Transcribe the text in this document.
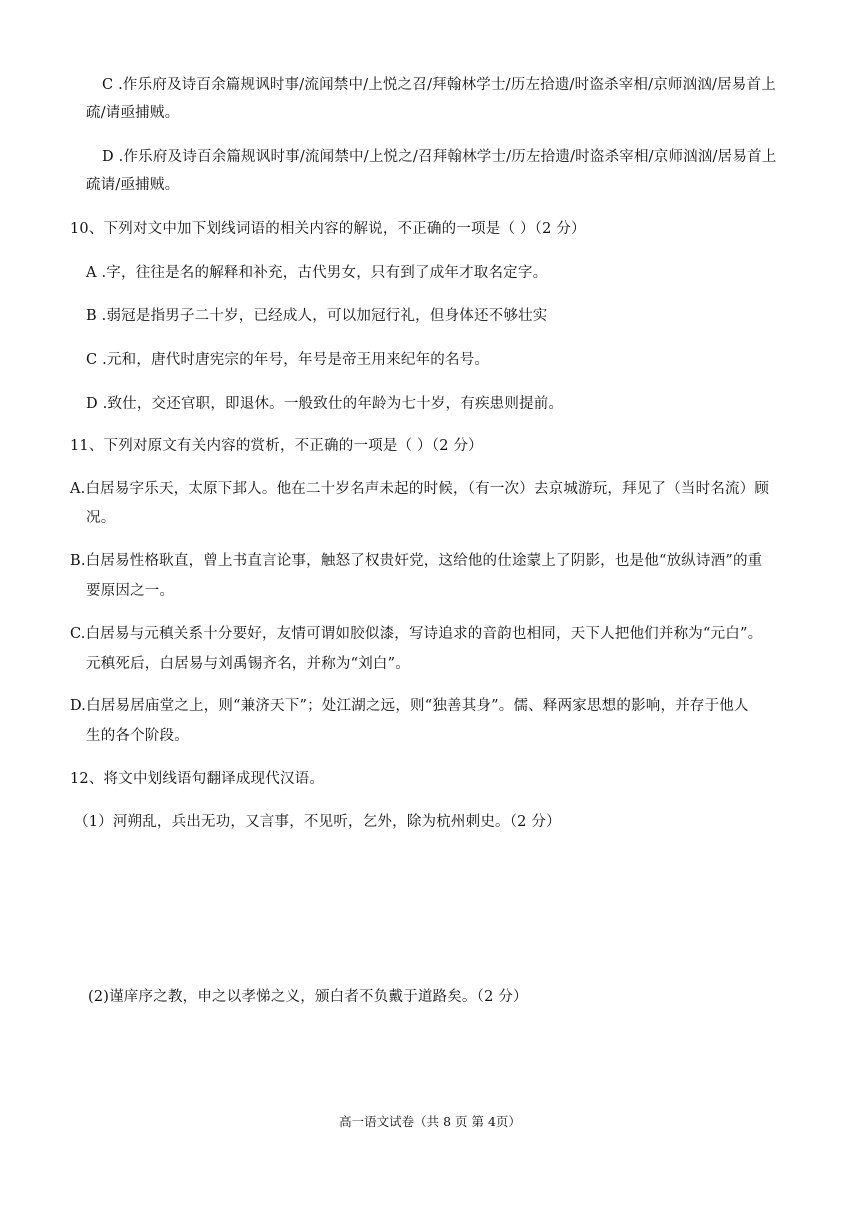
C .作乐府及诗百余篇规讽时事/流闻禁中/上悦之召/拜翰林学士/历左拾遗/时盗杀宰相/京师汹汹/居易首上
疏/请亟捕贼。
D .作乐府及诗百余篇规讽时事/流闻禁中/上悦之/召拜翰林学士/历左拾遗/时盗杀宰相/京师汹汹/居易首上
疏请/亟捕贼。
10、下列对文中加下划线词语的相关内容的解说，不正确的一项是（ ）（2 分）
A .字，往往是名的解释和补充，古代男女，只有到了成年才取名定字。
B .弱冠是指男子二十岁，已经成人，可以加冠行礼，但身体还不够壮实
C .元和，唐代时唐宪宗的年号，年号是帝王用来纪年的名号。
D .致仕，交还官职，即退休。一般致仕的年龄为七十岁，有疾患则提前。
11、下列对原文有关内容的赏析，不正确的一项是（ ）（2 分）
A.白居易字乐天，太原下邽人。他在二十岁名声未起的时候，（有一次）去京城游玩，拜见了（当时名流）顾
况。
B.白居易性格耿直，曾上书直言论事，触怒了权贵奸党，这给他的仕途蒙上了阴影，也是他“放纵诗酒”的重
要原因之一。
C.白居易与元稹关系十分要好，友情可谓如胶似漆，写诗追求的音韵也相同，天下人把他们并称为“元白”。
元稹死后，白居易与刘禹锡齐名，并称为“刘白”。
D.白居易居庙堂之上，则“兼济天下”；处江湖之远，则“独善其身”。儒、释两家思想的影响，并存于他人
生的各个阶段。
12、将文中划线语句翻译成现代汉语。
（1）河朔乱，兵出无功，又言事，不见听，乞外，除为杭州刺史。（2 分）
(2)谨庠序之教，申之以孝悌之义，颁白者不负戴于道路矣。（2 分）
高一语文试卷（共 8 页 第 4页）
